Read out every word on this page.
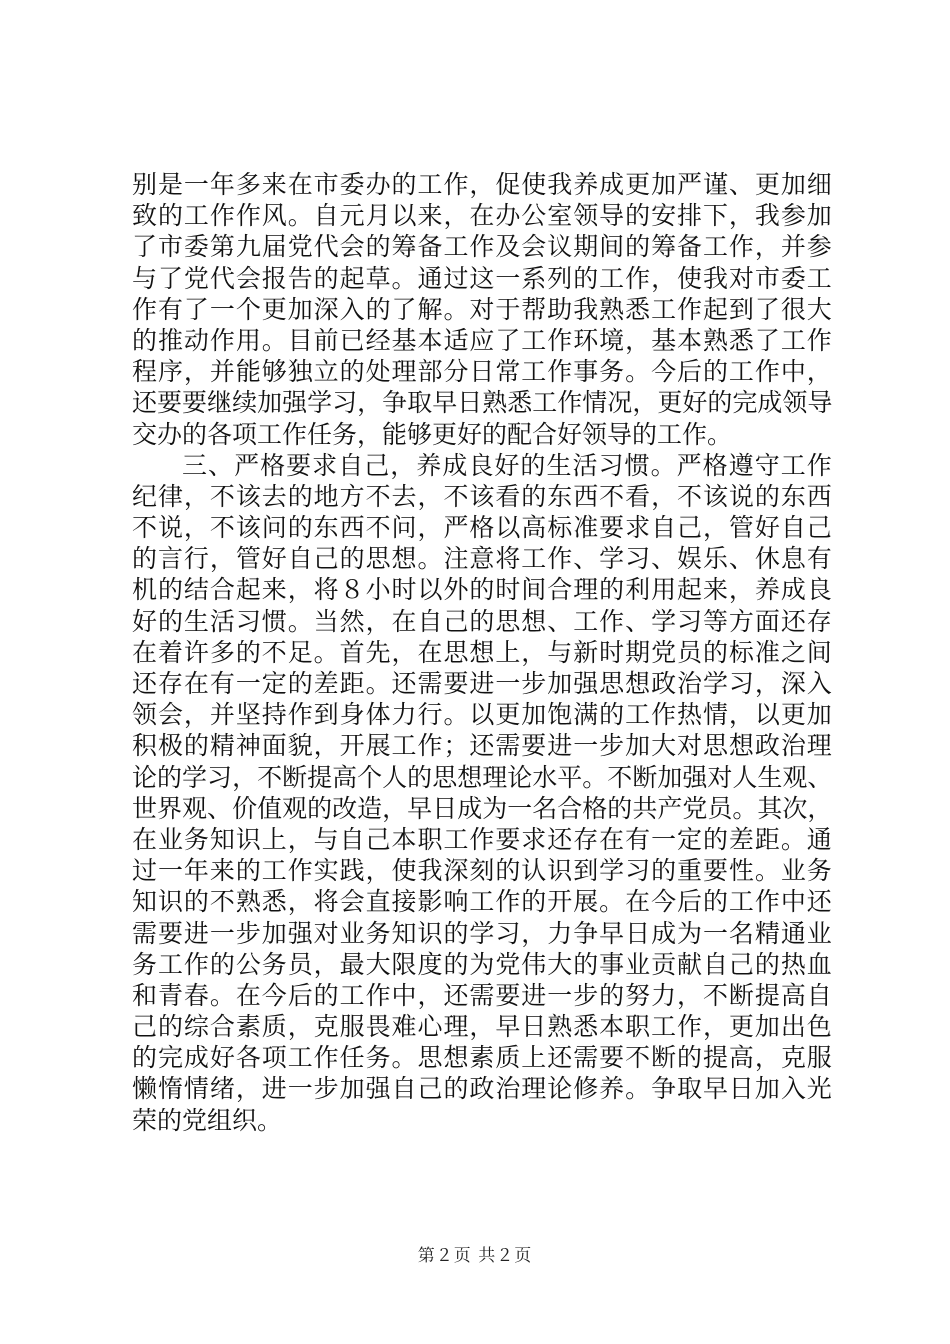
别 是 一 年 多 来 在 市 委 办 的 工 作 ， 促 使 我 养 成 更 加 严 谨 、 更 加 细
致 的 工 作 作 风 。 自 元 月 以 来 ， 在 办 公 室 领 导 的 安 排 下 ， 我 参 加
了 市 委 第 九 届 党 代 会 的 筹 备 工 作 及 会 议 期 间 的 筹 备 工 作 ， 并 参
与 了 党 代 会 报 告 的 起 草 。 通 过 这 一 系 列 的 工 作 ， 使 我 对 市 委 工
作 有 了 一 个 更 加 深 入 的 了 解 。 对 于 帮 助 我 熟 悉 工 作 起 到 了 很 大
的 推 动 作 用 。 目 前 已 经 基 本 适 应 了 工 作 环 境 ， 基 本 熟 悉 了 工 作
程 序 ， 并 能 够 独 立 的 处 理 部 分 日 常 工 作 事 务 。 今 后 的 工 作 中 ，
还 要 要 继 续 加 强 学 习 ， 争 取 早 日 熟 悉 工 作 情 况 ， 更 好 的 完 成 领 导
交办的各项工作任务，能够更好的配合好领导的工作。
三 、 严 格 要 求 自 己 ， 养 成 良 好 的 生 活 习 惯 。 严 格 遵 守 工 作
纪 律 ， 不 该 去 的 地 方 不 去 ， 不 该 看 的 东 西 不 看 ， 不 该 说 的 东 西
不 说 ， 不 该 问 的 东 西 不 问 ， 严 格 以 高 标 准 要 求 自 己 ， 管 好 自 己
的 言 行 ， 管 好 自 己 的 思 想 。 注 意 将 工 作 、 学 习 、 娱 乐 、 休 息 有
机 的 结 合 起 来 ， 将 ８ 小 时 以 外 的 时 间 合 理 的 利 用 起 来 ， 养 成 良
好 的 生 活 习 惯 。 当 然 ， 在 自 己 的 思 想 、 工 作 、 学 习 等 方 面 还 存
在 着 许 多 的 不 足 。 首 先 ， 在 思 想 上 ， 与 新 时 期 党 员 的 标 准 之 间
还 存 在 有 一 定 的 差 距 。 还 需 要 进 一 步 加 强 思 想 政 治 学 习 ， 深 入
领 会 ， 并 坚 持 作 到 身 体 力 行 。 以 更 加 饱 满 的 工 作 热 情 ， 以 更 加
积 极 的 精 神 面 貌 ， 开 展 工 作 ； 还 需 要 进 一 步 加 大 对 思 想 政 治 理
论 的 学 习 ， 不 断 提 高 个 人 的 思 想 理 论 水 平 。 不 断 加 强 对 人 生 观 、
世 界 观 、 价 值 观 的 改 造 ， 早 日 成 为 一 名 合 格 的 共 产 党 员 。 其 次 ，
在 业 务 知 识 上 ， 与 自 己 本 职 工 作 要 求 还 存 在 有 一 定 的 差 距 。 通
过 一 年 来 的 工 作 实 践 ， 使 我 深 刻 的 认 识 到 学 习 的 重 要 性 。 业 务
知 识 的 不 熟 悉 ， 将 会 直 接 影 响 工 作 的 开 展 。 在 今 后 的 工 作 中 还
需 要 进 一 步 加 强 对 业 务 知 识 的 学 习 ， 力 争 早 日 成 为 一 名 精 通 业
务 工 作 的 公 务 员 ， 最 大 限 度 的 为 党 伟 大 的 事 业 贡 献 自 己 的 热 血
和 青 春 。 在 今 后 的 工 作 中 ， 还 需 要 进 一 步 的 努 力 ， 不 断 提 高 自
己 的 综 合 素 质 ， 克 服 畏 难 心 理 ， 早 日 熟 悉 本 职 工 作 ， 更 加 出 色
的 完 成 好 各 项 工 作 任 务 。 思 想 素 质 上 还 需 要 不 断 的 提 高 ， 克 服
懒 惰 情 绪 ， 进 一 步 加 强 自 己 的 政 治 理 论 修 养 。 争 取 早 日 加 入 光
荣的党组织。
第２页 共２页
